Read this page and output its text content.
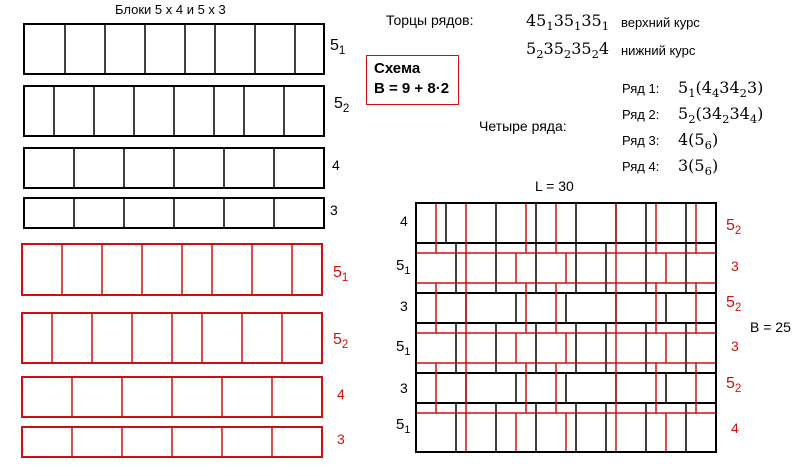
Блоки 5 x 4 и 5 x 3
Торцы рядов:	$45_135_135_1$ верхний курс
$5_235_235_24$ нижний курс
Схема
B = 9 + 8·2
Четыре ряда:
Ряд 1: $5_1(4_434_23)$
Ряд 2: $5_2(34_234_4)$
Ряд 3: $4(5_6)$
Ряд 4: $3(5_6)$
L = 30
B = 25
$5_1$
$5_2$
4
3
$5_1$
$5_2$
4
3
4
$5_1$
3
$5_1$
3
$5_1$
$5_2$
3
$5_2$
3
$5_2$
4
